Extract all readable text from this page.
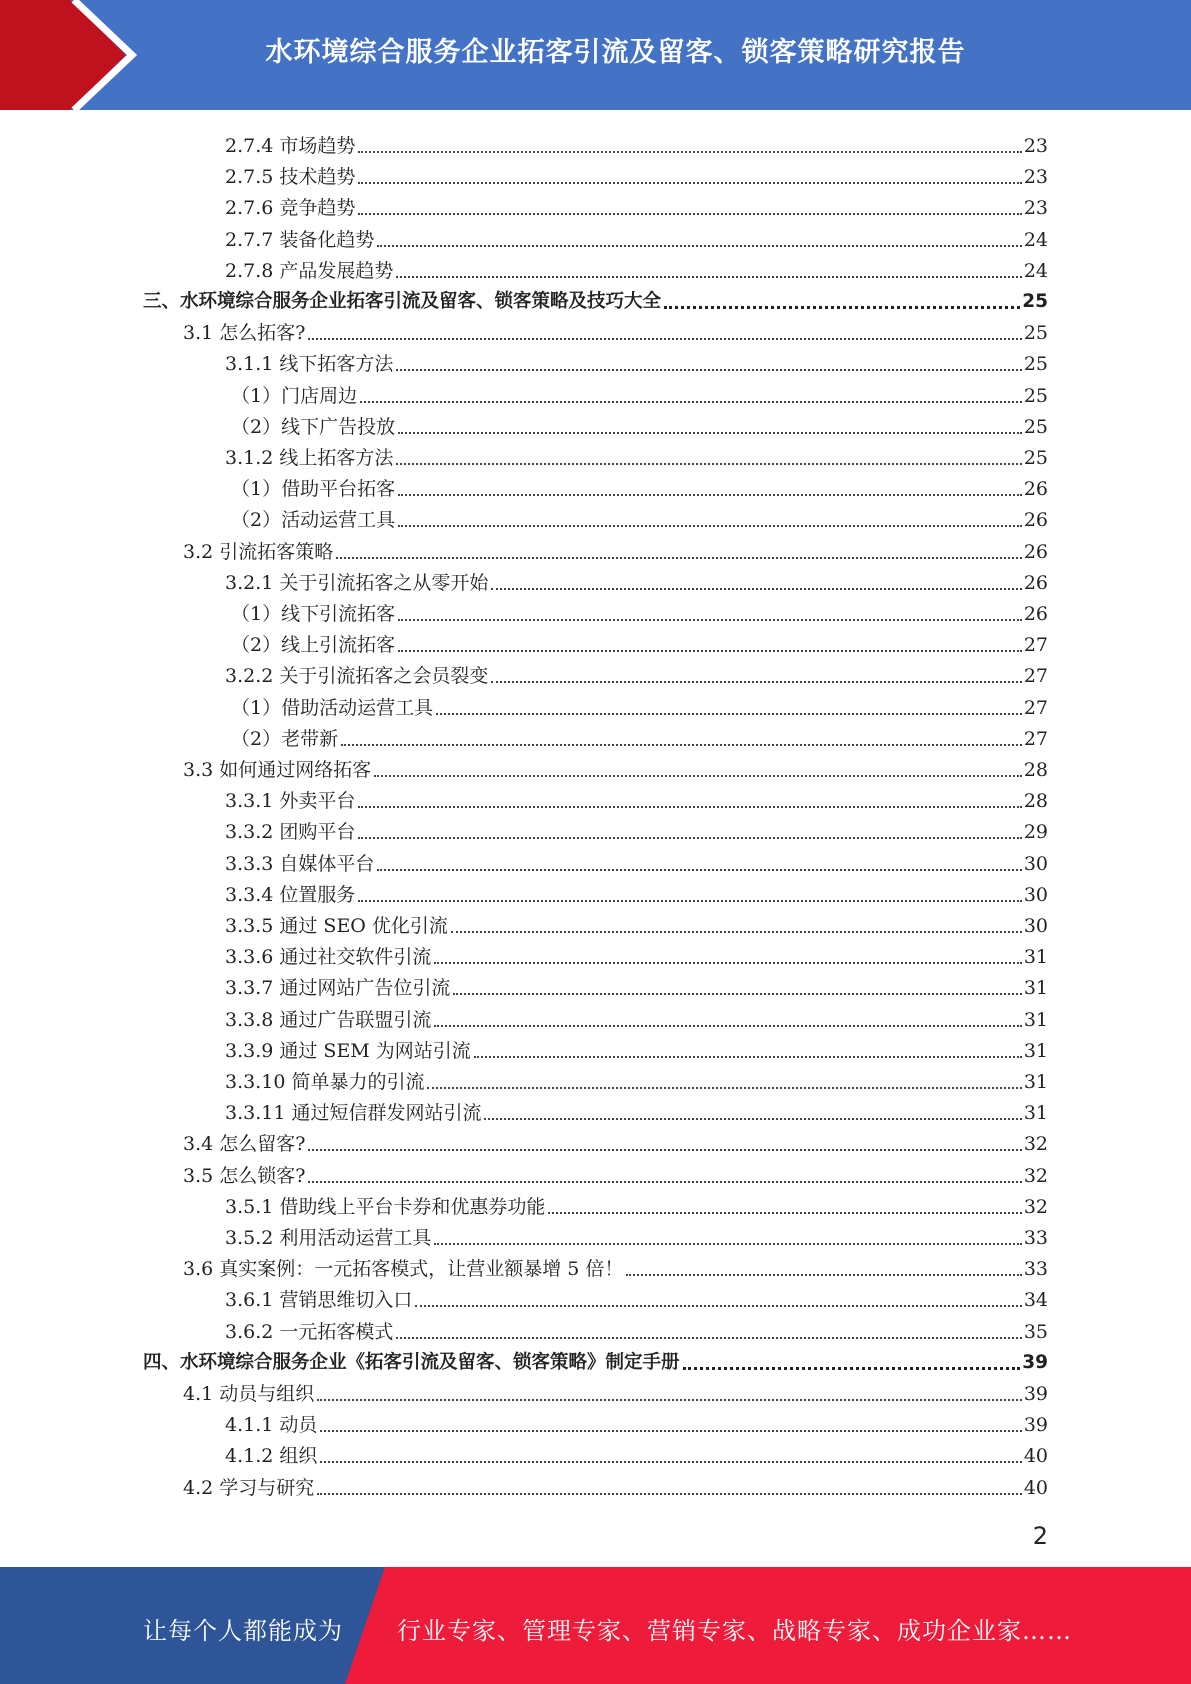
水环境综合服务企业拓客引流及留客、锁客策略研究报告
2.7.4 市场趋势	23
2.7.5 技术趋势	23
2.7.6 竞争趋势	23
2.7.7 装备化趋势	24
2.7.8 产品发展趋势	24
三、水环境综合服务企业拓客引流及留客、锁客策略及技巧大全	25
3.1 怎么拓客?	25
3.1.1 线下拓客方法	25
（1）门店周边	25
（2）线下广告投放	25
3.1.2 线上拓客方法	25
（1）借助平台拓客	26
（2）活动运营工具	26
3.2 引流拓客策略	26
3.2.1 关于引流拓客之从零开始	26
（1）线下引流拓客	26
（2）线上引流拓客	27
3.2.2 关于引流拓客之会员裂变	27
（1）借助活动运营工具	27
（2）老带新	27
3.3 如何通过网络拓客	28
3.3.1 外卖平台	28
3.3.2 团购平台	29
3.3.3 自媒体平台	30
3.3.4 位置服务	30
3.3.5 通过 SEO 优化引流	30
3.3.6 通过社交软件引流	31
3.3.7 通过网站广告位引流	31
3.3.8 通过广告联盟引流	31
3.3.9 通过 SEM 为网站引流	31
3.3.10 简单暴力的引流	31
3.3.11 通过短信群发网站引流	31
3.4 怎么留客?	32
3.5 怎么锁客?	32
3.5.1 借助线上平台卡券和优惠券功能	32
3.5.2 利用活动运营工具	33
3.6 真实案例：一元拓客模式，让营业额暴增 5 倍！	33
3.6.1 营销思维切入口	34
3.6.2 一元拓客模式	35
四、水环境综合服务企业《拓客引流及留客、锁客策略》制定手册	39
4.1 动员与组织	39
4.1.1 动员	39
4.1.2 组织	40
4.2 学习与研究	40
2
让每个人都能成为 行业专家、管理专家、营销专家、战略专家、成功企业家……
